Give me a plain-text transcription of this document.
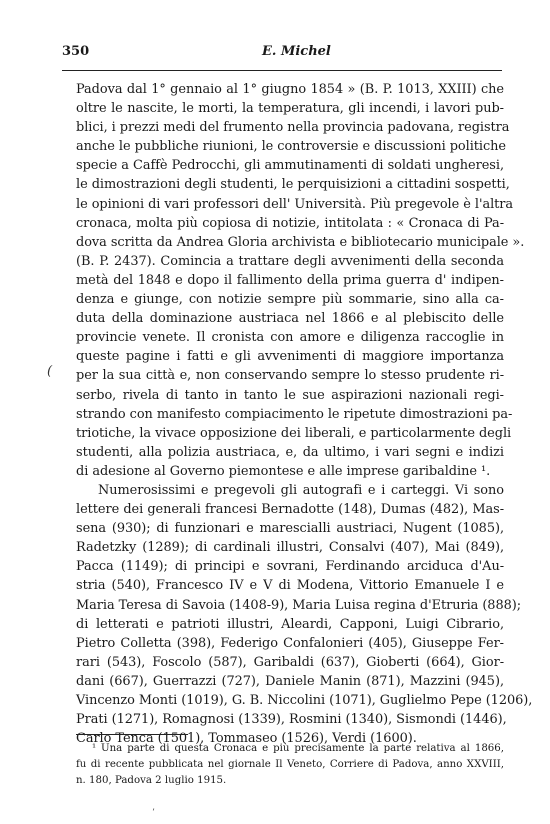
350	E. Michel
(
Padova dal 1° gennaio al 1° giugno 1854 » (B. P. 1013, XXIII) che
oltre le nascite, le morti, la temperatura, gli incendi, i lavori pub-
blici, i prezzi medi del frumento nella provincia padovana, registra
anche le pubbliche riunioni, le controversie e discussioni politiche
specie a Caffè Pedrocchi, gli ammutinamenti di soldati ungheresi,
le dimostrazioni degli studenti, le perquisizioni a cittadini sospetti,
le opinioni di vari professori dell' Università. Più pregevole è l'altra
cronaca, molta più copiosa di notizie, intitolata : « Cronaca di Pa-
dova scritta da Andrea Gloria archivista e bibliotecario municipale ».
(B. P. 2437). Comincia a trattare degli avvenimenti della seconda
metà del 1848 e dopo il fallimento della prima guerra d' indipen-
denza e giunge, con notizie sempre più sommarie, sino alla ca-
duta della dominazione austriaca nel 1866 e al plebiscito delle
provincie venete. Il cronista con amore e diligenza raccoglie in
queste pagine i fatti e gli avvenimenti di maggiore importanza
per la sua città e, non conservando sempre lo stesso prudente ri-
serbo, rivela di tanto in tanto le sue aspirazioni nazionali regi-
strando con manifesto compiacimento le ripetute dimostrazioni pa-
triotiche, la vivace opposizione dei liberali, e particolarmente degli
studenti, alla polizia austriaca, e, da ultimo, i vari segni e indizi
di adesione al Governo piemontese e alle imprese garibaldine ¹.
Numerosissimi e pregevoli gli autografi e i carteggi. Vi sono
lettere dei generali francesi Bernadotte (148), Dumas (482), Mas-
sena (930); di funzionari e marescialli austriaci, Nugent (1085),
Radetzky (1289); di cardinali illustri, Consalvi (407), Mai (849),
Pacca (1149); di principi e sovrani, Ferdinando arciduca d'Au-
stria (540), Francesco IV e V di Modena, Vittorio Emanuele I e
Maria Teresa di Savoia (1408-9), Maria Luisa regina d'Etruria (888);
di letterati e patrioti illustri, Aleardi, Capponi, Luigi Cibrario,
Pietro Colletta (398), Federigo Confalonieri (405), Giuseppe Fer-
rari (543), Foscolo (587), Garibaldi (637), Gioberti (664), Gior-
dani (667), Guerrazzi (727), Daniele Manin (871), Mazzini (945),
Vincenzo Monti (1019), G. B. Niccolini (1071), Guglielmo Pepe (1206),
Prati (1271), Romagnosi (1339), Rosmini (1340), Sismondi (1446),
Carlo Tenca (1501), Tommaseo (1526), Verdi (1600).
¹ Una parte di questa Cronaca e più precisamente la parte relativa al 1866,
fu di recente pubblicata nel giornale Il Veneto, Corriere di Padova, anno XXVIII,
n. 180, Padova 2 luglio 1915.
ʼ
